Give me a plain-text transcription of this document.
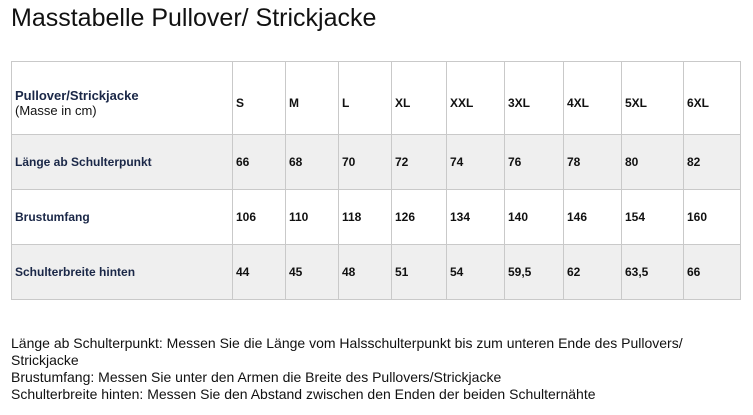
Masstabelle Pullover/ Strickjacke
Pullover/Strickjacke
(Masse in cm)	S	M	L	XL	XXL	3XL	4XL	5XL	6XL
Länge ab Schulterpunkt	66	68	70	72	74	76	78	80	82
Brustumfang	106	110	118	126	134	140	146	154	160
Schulterbreite hinten	44	45	48	51	54	59,5	62	63,5	66
Länge ab Schulterpunkt: Messen Sie die Länge vom Halsschulterpunkt bis zum unteren Ende des Pullovers/ Strickjacke
Brustumfang: Messen Sie unter den Armen die Breite des Pullovers/Strickjacke
Schulterbreite hinten: Messen Sie den Abstand zwischen den Enden der beiden Schulternähte
